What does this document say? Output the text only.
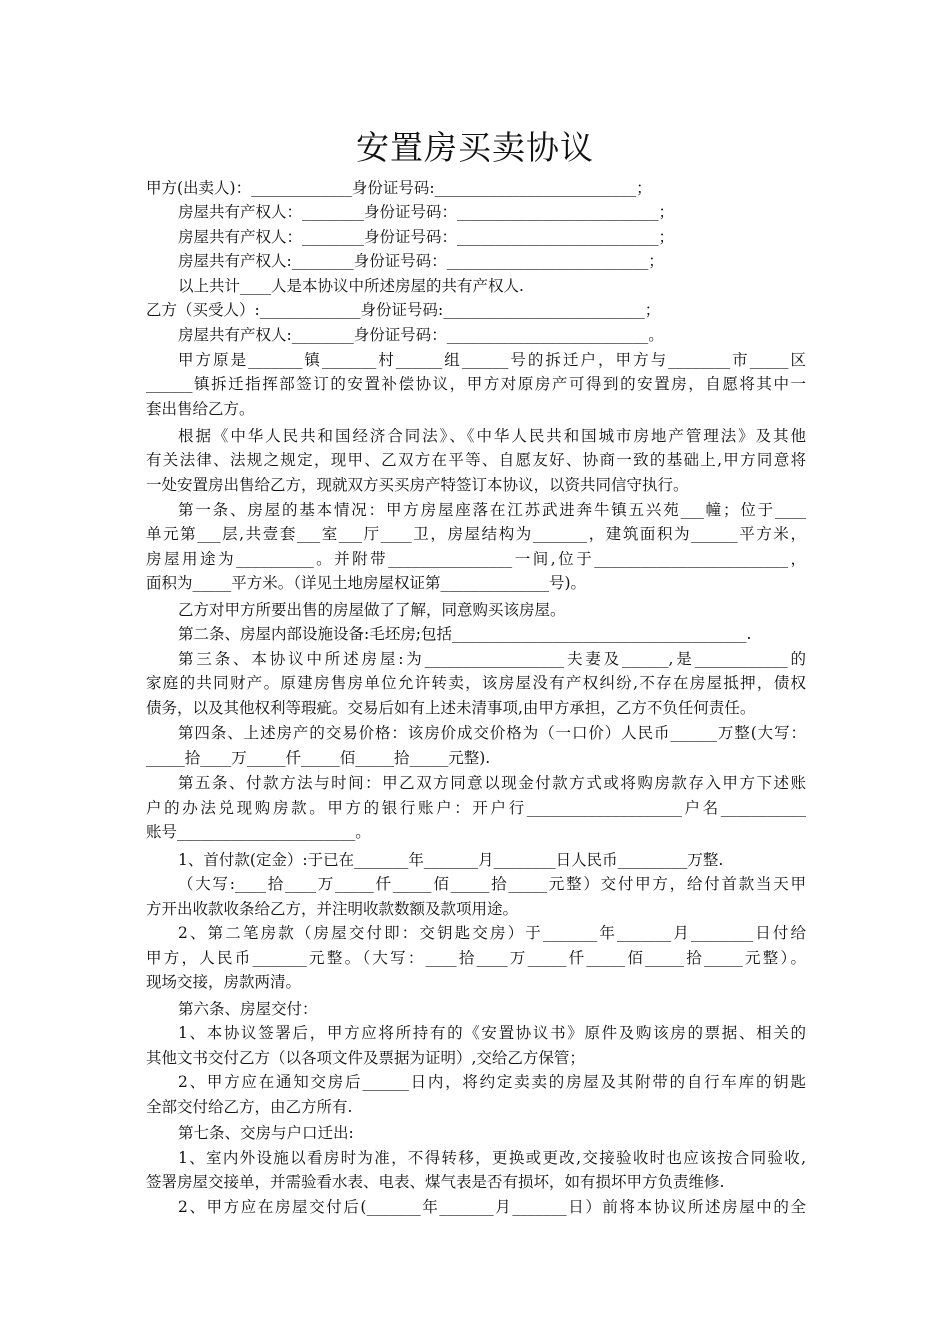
安置房买卖协议
甲方(出卖人)：_____________身份证号码:__________________________；
房屋共有产权人：________身份证号码：__________________________；
房屋共有产权人：________身份证号码：__________________________；
房屋共有产权人:________身份证号码：__________________________；
以上共计____人是本协议中所述房屋的共有产权人.
乙方（买受人）:_____________身份证号码:__________________________；
房屋共有产权人:________身份证号码：__________________________。
甲方原是_______镇_______村______组______号的拆迁户，甲方与________市_____区
______镇拆迁指挥部签订的安置补偿协议，甲方对原房产可得到的安置房，自愿将其中一
套出售给乙方。
根据《中华人民共和国经济合同法》、《中华人民共和国城市房地产管理法》及其他
有关法律、法规之规定，现甲、乙双方在平等、自愿友好、协商一致的基础上,甲方同意将
一处安置房出售给乙方，现就双方买买房产特签订本协议，以资共同信守执行。
第一条、房屋的基本情况：甲方房屋座落在江苏武进奔牛镇五兴苑___幢；位于____
单元第___层,共壹套___室___厅____卫，房屋结构为_______，建筑面积为______平方米，
房屋用途为__________。并附带________________一间,位于_________________________，
面积为_____平方米。（详见土地房屋权证第______________号)。
乙方对甲方所要出售的房屋做了了解，同意购买该房屋。
第二条、房屋内部设施设备:毛坯房;包括______________________________________.
第三条、本协议中所述房屋:为__________________夫妻及______,是____________的
家庭的共同财产。原建房售房单位允许转卖，该房屋没有产权纠纷,不存在房屋抵押，债权
债务，以及其他权利等瑕疵。交易后如有上述未清事项,由甲方承担，乙方不负任何责任。
第四条、上述房产的交易价格：该房价成交价格为（一口价）人民币______万整(大写：
_____拾____万_____仟_____佰_____拾_____元整).
第五条、付款方法与时间：甲乙双方同意以现金付款方式或将购房款存入甲方下述账
户的办法兑现购房款。甲方的银行账户：开户行____________________户名___________
账号_______________________。
1、首付款(定金）:于已在_______年_______月________日人民币_________万整.
（大写:____拾____万_____仟_____佰_____拾_____元整）交付甲方，给付首款当天甲
方开出收款收条给乙方，并注明收款数额及款项用途。
2、第二笔房款（房屋交付即：交钥匙交房）于_______年_______月________日付给
甲方，人民币_______元整。（大写：____拾____万_____仟_____佰_____拾_____元整）。
现场交接，房款两清。
第六条、房屋交付：
1、本协议签署后，甲方应将所持有的《安置协议书》原件及购该房的票据、相关的
其他文书交付乙方（以各项文件及票据为证明）,交给乙方保管；
2、甲方应在通知交房后______日内，将约定卖卖的房屋及其附带的自行车库的钥匙
全部交付给乙方，由乙方所有.
第七条、交房与户口迁出:
1、室内外设施以看房时为准，不得转移，更换或更改,交接验收时也应该按合同验收,
签署房屋交接单，并需验看水表、电表、煤气表是否有损坏，如有损坏甲方负责维修.
2、甲方应在房屋交付后(_______年_______月_______日）前将本协议所述房屋中的全
